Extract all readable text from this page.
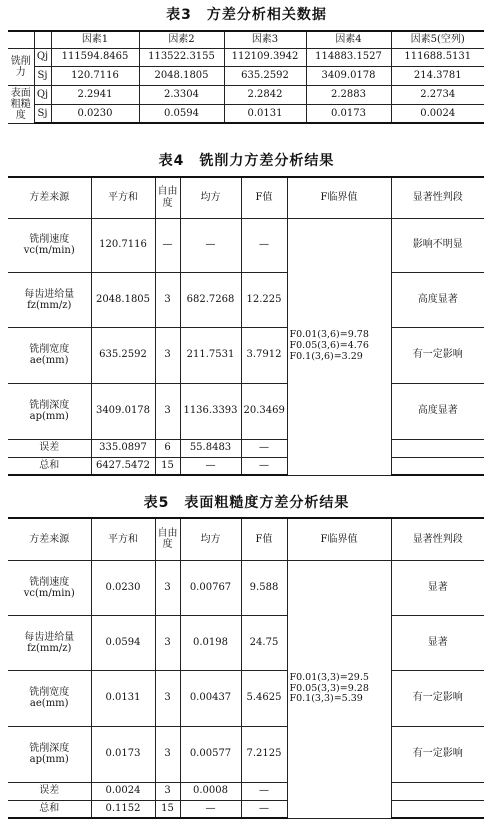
表3　方差分析相关数据
		因素1	因素2	因素3	因素4	因素5(空列)
铣削力	Qj	111594.8465	113522.3155	112109.3942	114883.1527	111688.5131
	Sj	120.7116	2048.1805	635.2592	3409.0178	214.3781
表面粗糙度	Qj	2.2941	2.3304	2.2842	2.2883	2.2734
	Sj	0.0230	0.0594	0.0131	0.0173	0.0024
表4　铣削力方差分析结果
方差来源	平方和	自由度	均方	F值	F临界值	显著性判段
铣削速度vc(m/min)	120.7116	—	—	—	F0.01(3,6)=9.78
F0.05(3,6)=4.76
F0.1(3,6)=3.29	影响不明显
每齿进给量fz(mm/z)	2048.1805	3	682.7268	12.225		高度显著
铣削宽度ae(mm)	635.2592	3	211.7531	3.7912		有一定影响
铣削深度ap(mm)	3409.0178	3	1136.3393	20.3469		高度显著
误差	335.0897	6	55.8483	—		
总和	6427.5472	15	—	—		
表5　表面粗糙度方差分析结果
方差来源	平方和	自由度	均方	F值	F临界值	显著性判段
铣削速度vc(m/min)	0.0230	3	0.00767	9.588	F0.01(3,3)=29.5
F0.05(3,3)=9.28
F0.1(3,3)=5.39	显著
每齿进给量fz(mm/z)	0.0594	3	0.0198	24.75		显著
铣削宽度ae(mm)	0.0131	3	0.00437	5.4625		有一定影响
铣削深度ap(mm)	0.0173	3	0.00577	7.2125		有一定影响
误差	0.0024	3	0.0008	—		
总和	0.1152	15	—	—		
